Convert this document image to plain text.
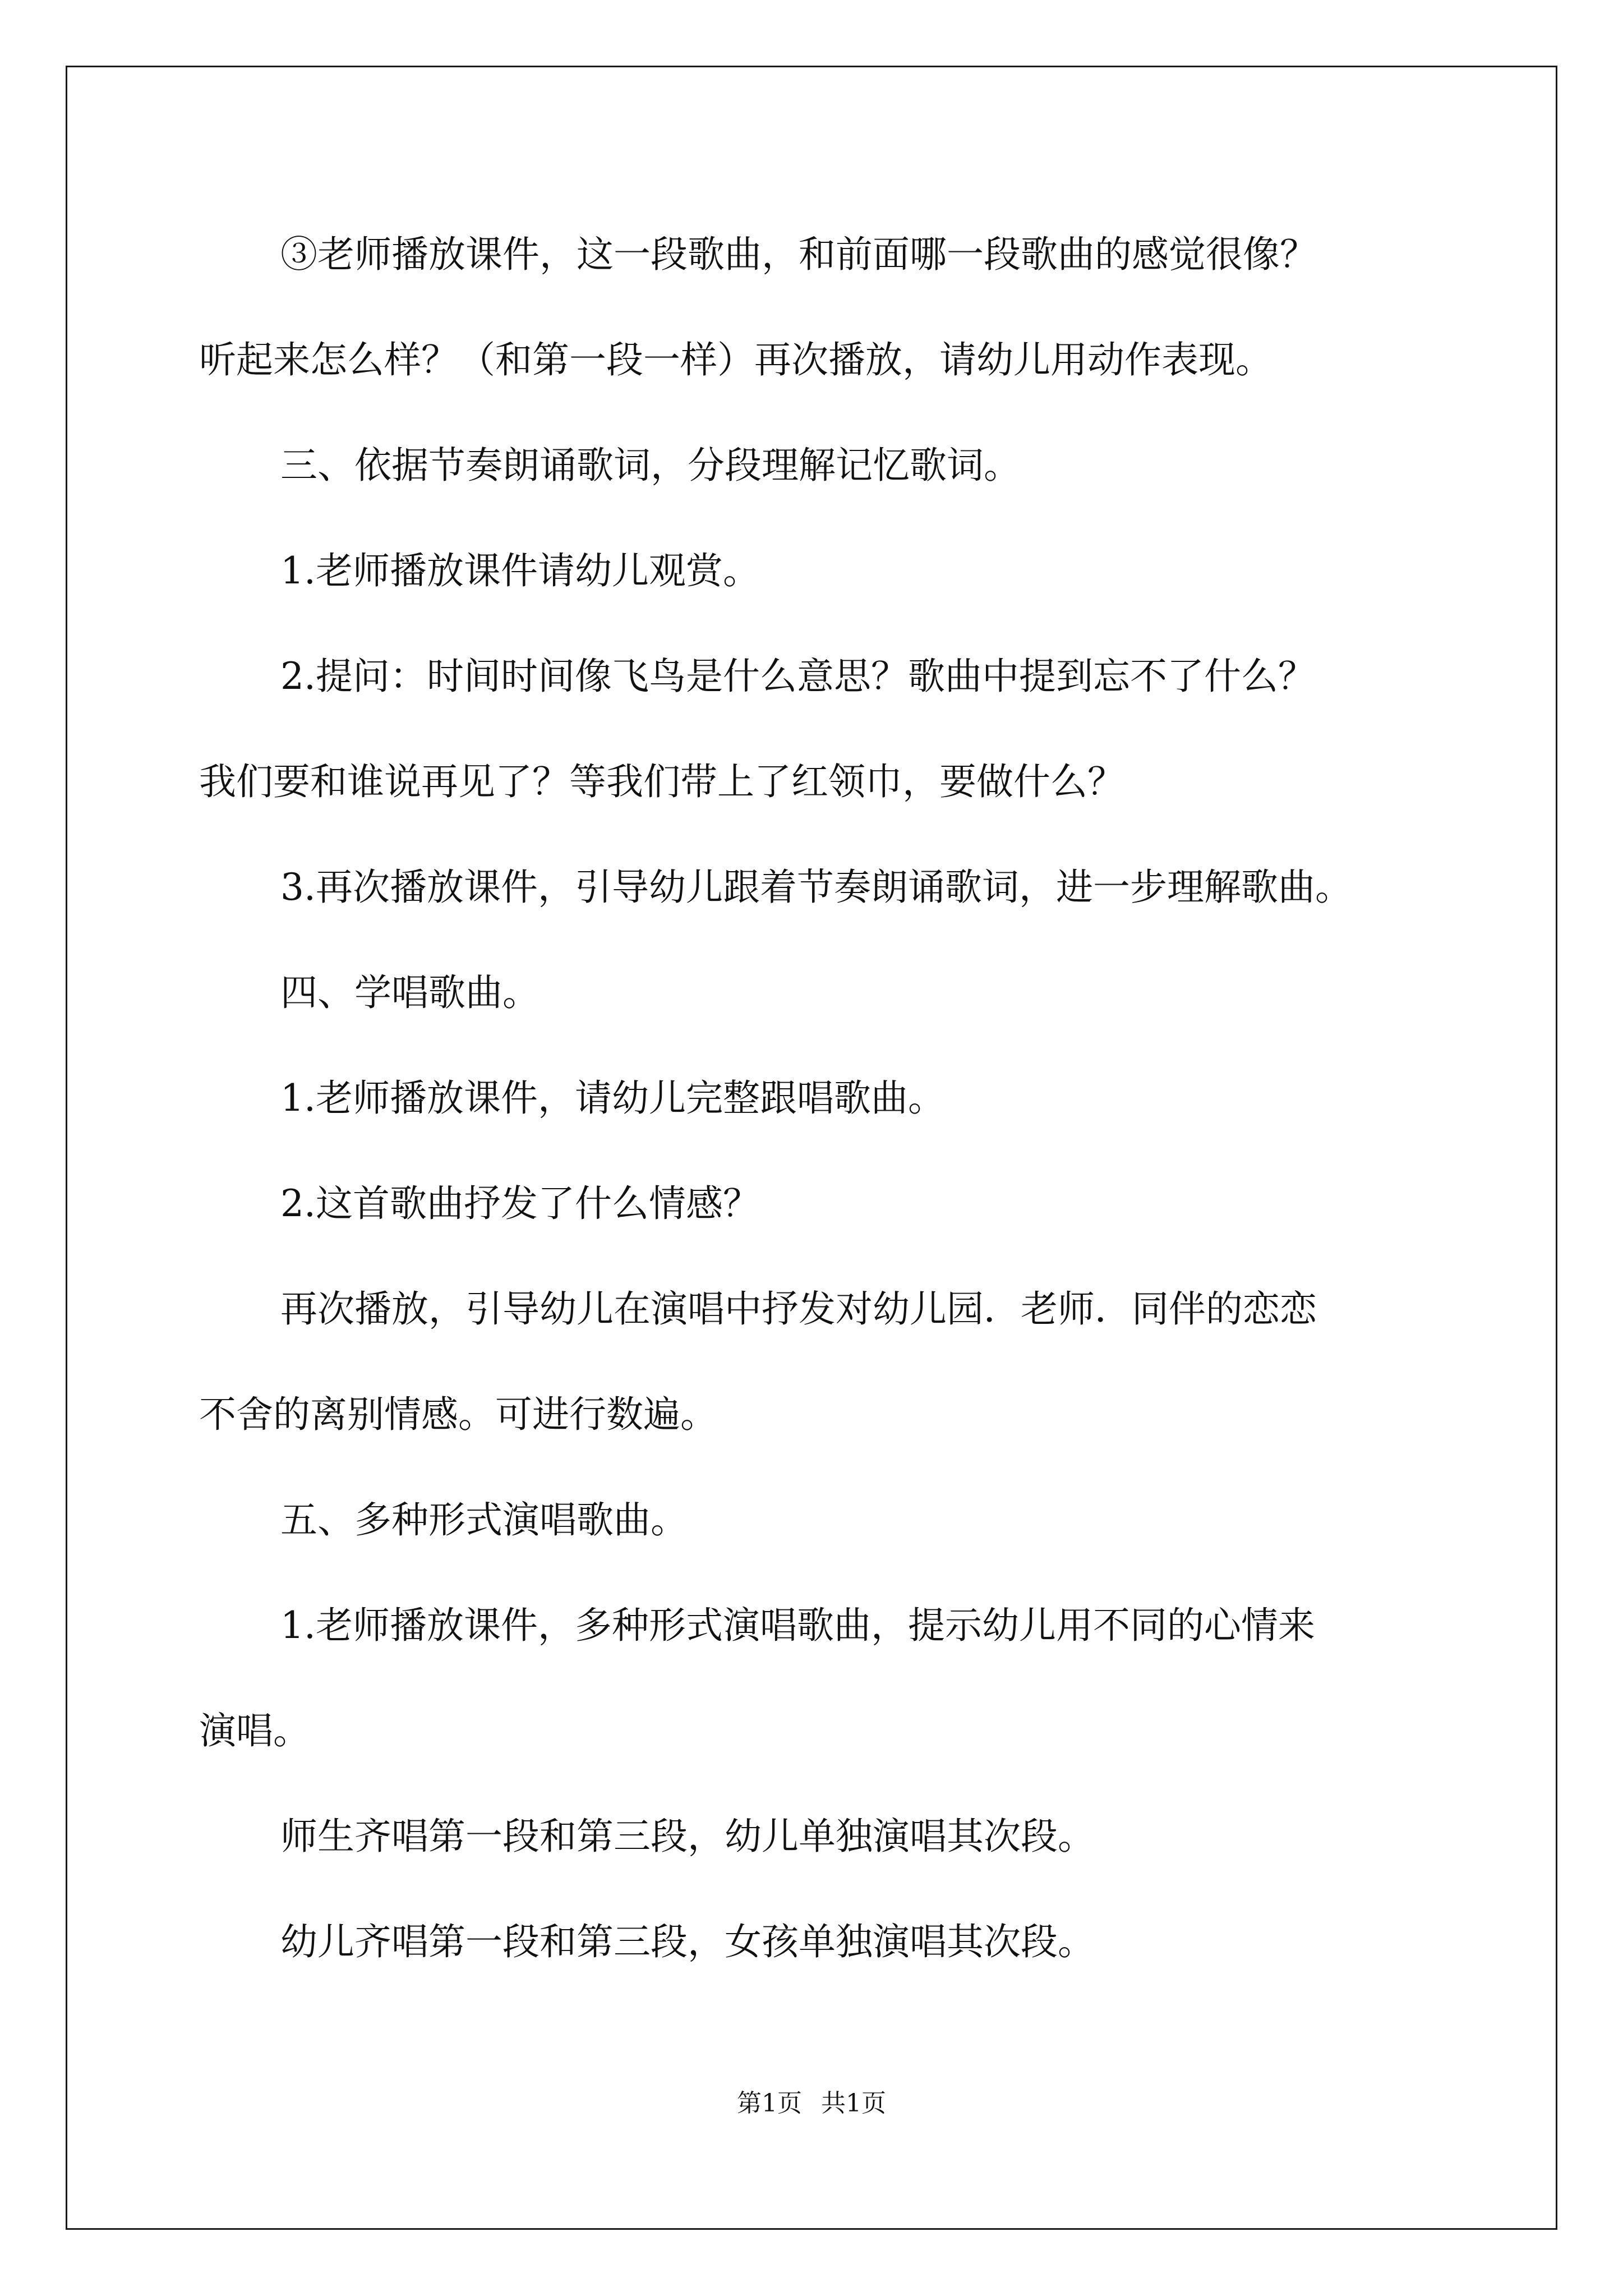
③老师播放课件，这一段歌曲，和前面哪一段歌曲的感觉很像？

听起来怎么样？（和第一段一样）再次播放，请幼儿用动作表现。

三、依据节奏朗诵歌词，分段理解记忆歌词。

1.老师播放课件请幼儿观赏。

2.提问：时间时间像飞鸟是什么意思？歌曲中提到忘不了什么？

我们要和谁说再见了？等我们带上了红领巾，要做什么？

3.再次播放课件，引导幼儿跟着节奏朗诵歌词，进一步理解歌曲。

四、学唱歌曲。

1.老师播放课件，请幼儿完整跟唱歌曲。

2.这首歌曲抒发了什么情感？

再次播放，引导幼儿在演唱中抒发对幼儿园．老师．同伴的恋恋

不舍的离别情感。可进行数遍。

五、多种形式演唱歌曲。

1.老师播放课件，多种形式演唱歌曲，提示幼儿用不同的心情来

演唱。

师生齐唱第一段和第三段，幼儿单独演唱其次段。

幼儿齐唱第一段和第三段，女孩单独演唱其次段。

第1页 共1页
